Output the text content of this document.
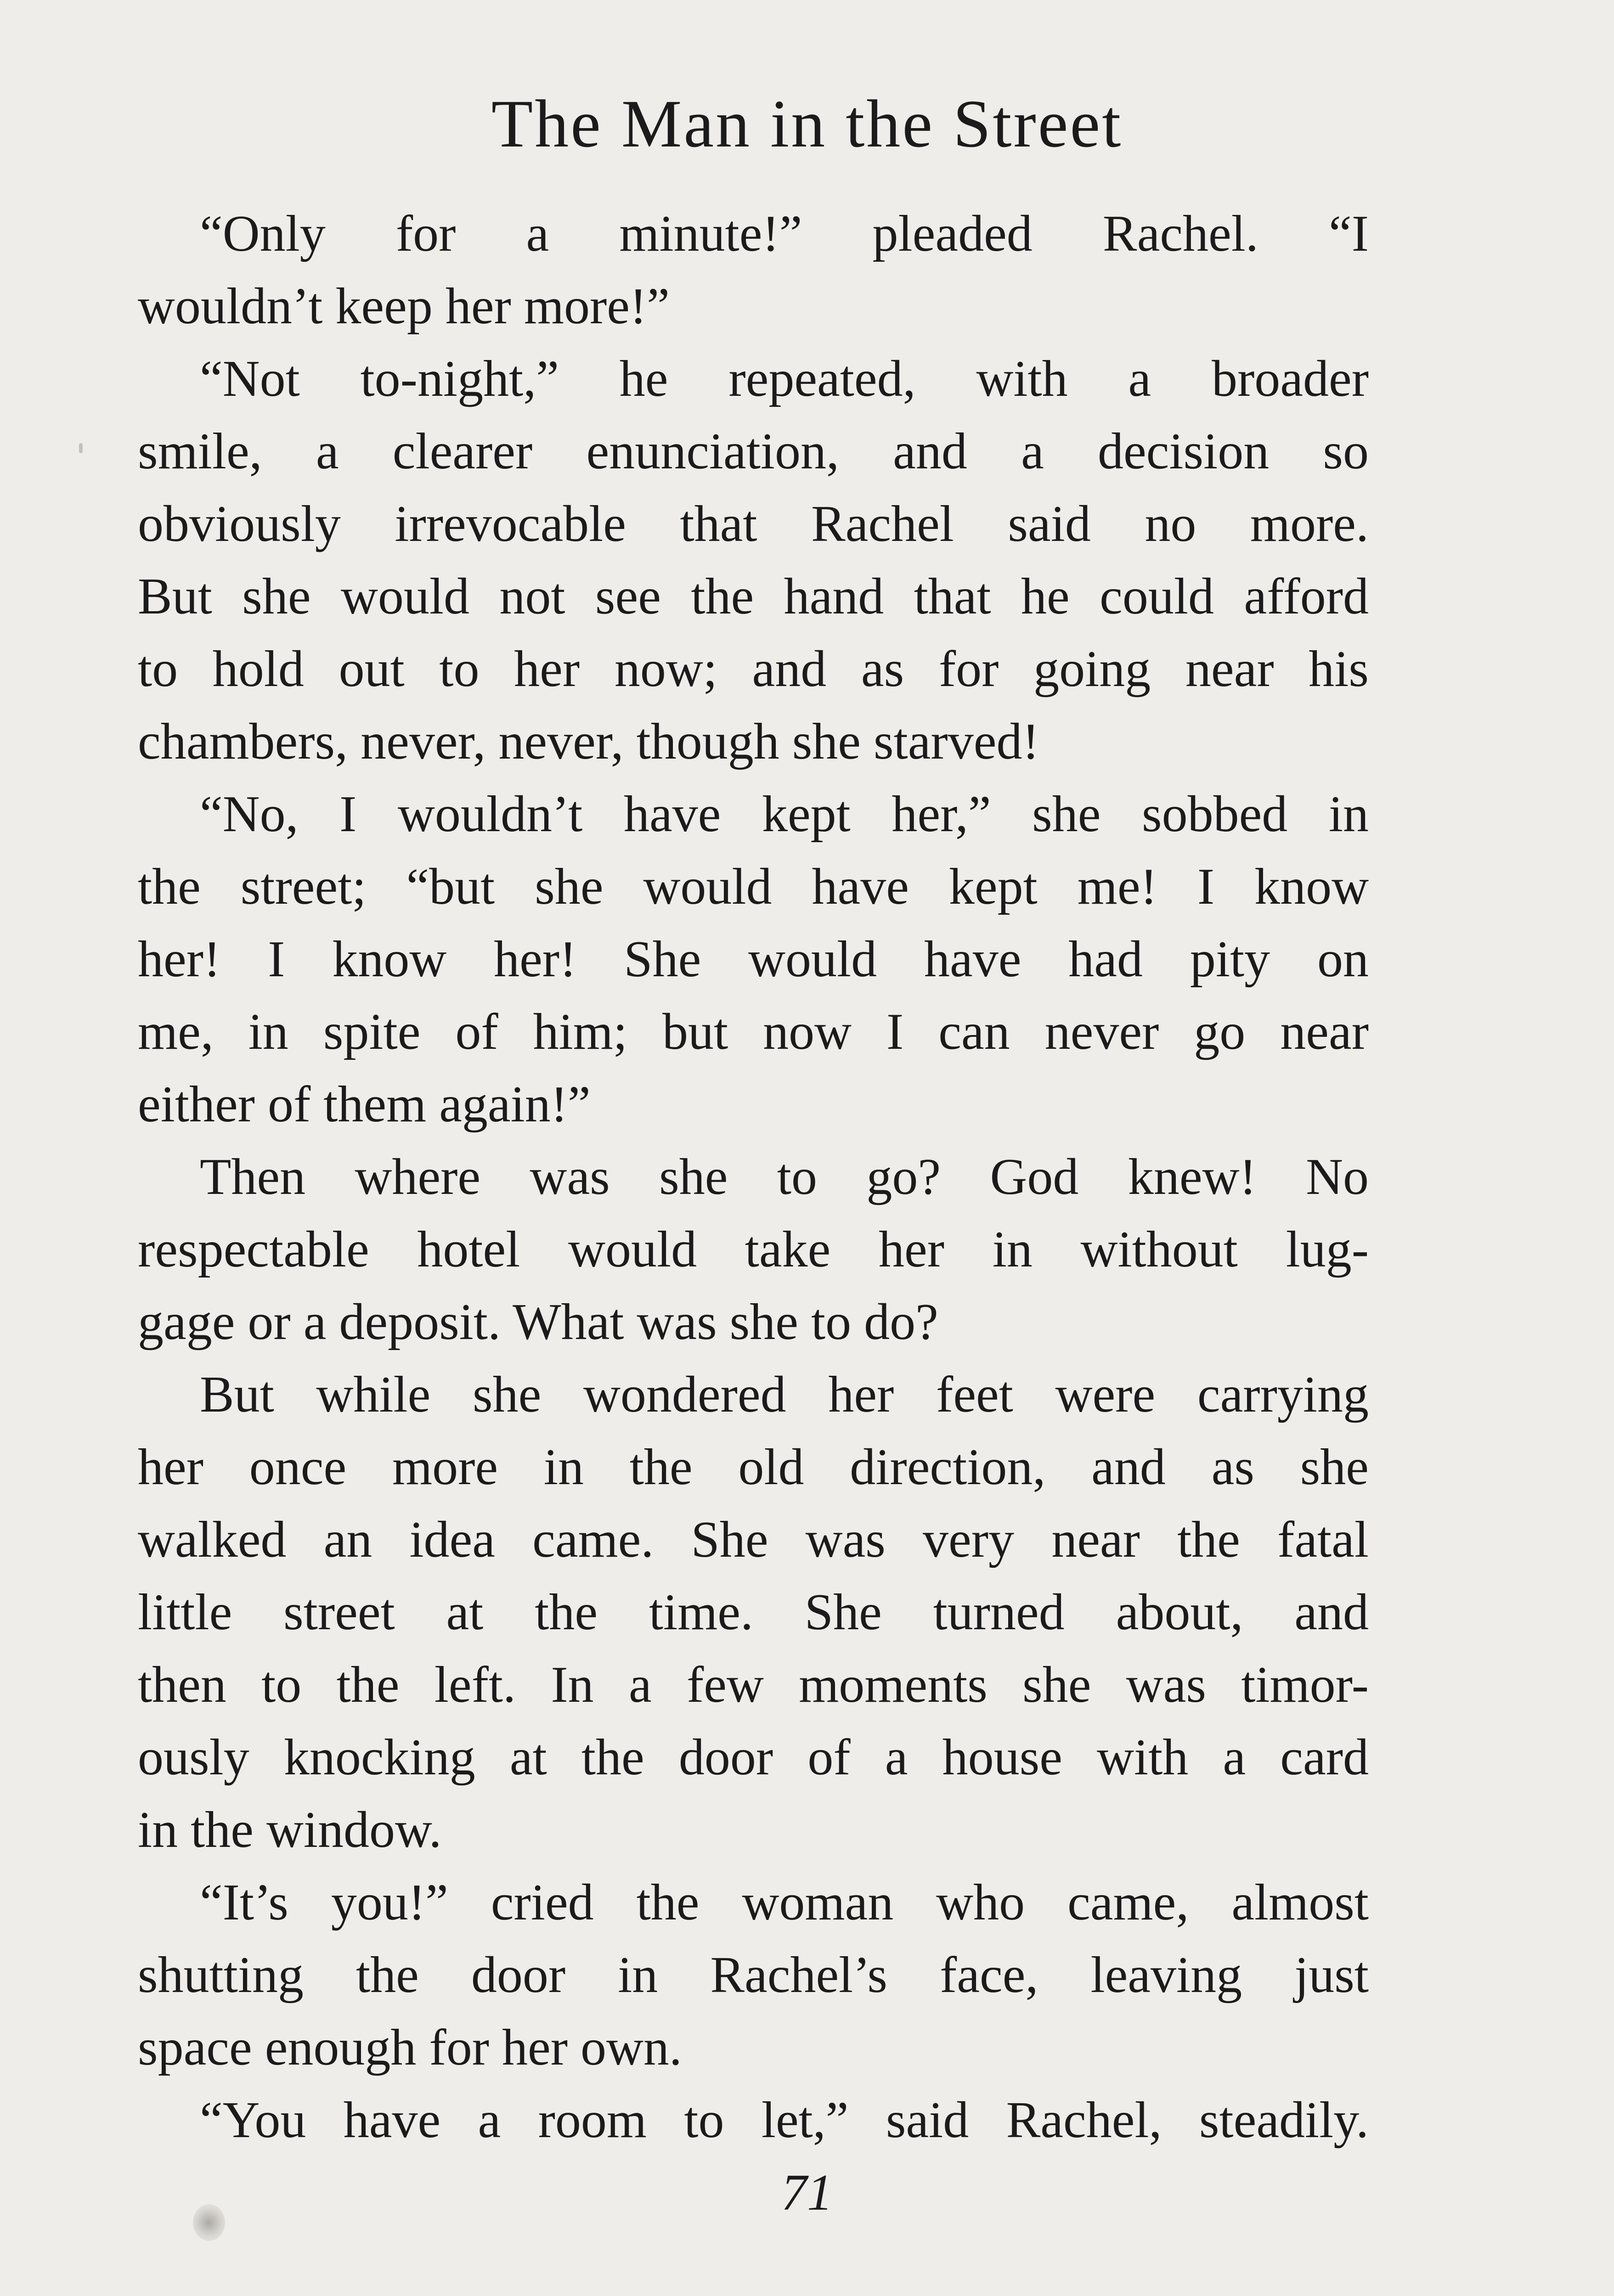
The Man in the Street
“Only for a minute!” pleaded Rachel. “I
wouldn’t keep her more!”
“Not to-night,” he repeated, with a broader
smile, a clearer enunciation, and a decision so
obviously irrevocable that Rachel said no more.
But she would not see the hand that he could afford
to hold out to her now; and as for going near his
chambers, never, never, though she starved!
“No, I wouldn’t have kept her,” she sobbed in
the street; “but she would have kept me! I know
her! I know her! She would have had pity on
me, in spite of him; but now I can never go near
either of them again!”
Then where was she to go? God knew! No
respectable hotel would take her in without lug-
gage or a deposit. What was she to do?
But while she wondered her feet were carrying
her once more in the old direction, and as she
walked an idea came. She was very near the fatal
little street at the time. She turned about, and
then to the left. In a few moments she was timor-
ously knocking at the door of a house with a card
in the window.
“It’s you!” cried the woman who came, almost
shutting the door in Rachel’s face, leaving just
space enough for her own.
“You have a room to let,” said Rachel, steadily.
71
